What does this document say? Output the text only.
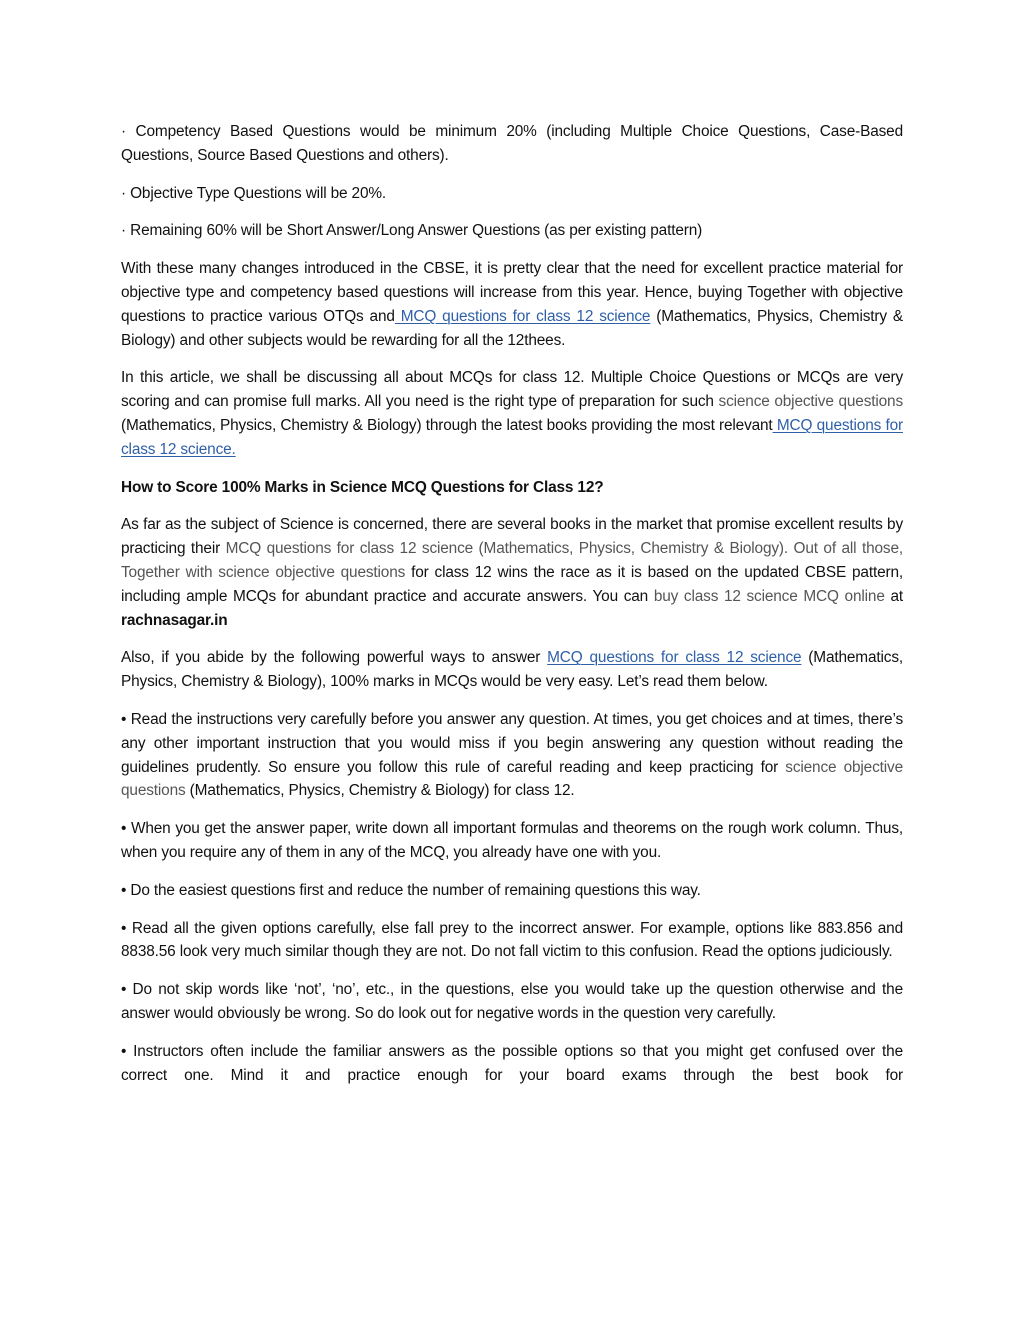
· Competency Based Questions would be minimum 20% (including Multiple Choice Questions, Case-Based Questions, Source Based Questions and others).

· Objective Type Questions will be 20%.

· Remaining 60% will be Short Answer/Long Answer Questions (as per existing pattern)

With these many changes introduced in the CBSE, it is pretty clear that the need for excellent practice material for objective type and competency based questions will increase from this year. Hence, buying Together with objective questions to practice various OTQs and MCQ questions for class 12 science (Mathematics, Physics, Chemistry & Biology) and other subjects would be rewarding for all the 12thees.

In this article, we shall be discussing all about MCQs for class 12. Multiple Choice Questions or MCQs are very scoring and can promise full marks. All you need is the right type of preparation for such science objective questions (Mathematics, Physics, Chemistry & Biology) through the latest books providing the most relevant MCQ questions for class 12 science.

How to Score 100% Marks in Science MCQ Questions for Class 12?

As far as the subject of Science is concerned, there are several books in the market that promise excellent results by practicing their MCQ questions for class 12 science (Mathematics, Physics, Chemistry & Biology). Out of all those, Together with science objective questions for class 12 wins the race as it is based on the updated CBSE pattern, including ample MCQs for abundant practice and accurate answers. You can buy class 12 science MCQ online at rachnasagar.in

Also, if you abide by the following powerful ways to answer MCQ questions for class 12 science (Mathematics, Physics, Chemistry & Biology), 100% marks in MCQs would be very easy. Let’s read them below.

• Read the instructions very carefully before you answer any question. At times, you get choices and at times, there’s any other important instruction that you would miss if you begin answering any question without reading the guidelines prudently. So ensure you follow this rule of careful reading and keep practicing for science objective questions (Mathematics, Physics, Chemistry & Biology) for class 12.

• When you get the answer paper, write down all important formulas and theorems on the rough work column. Thus, when you require any of them in any of the MCQ, you already have one with you.

• Do the easiest questions first and reduce the number of remaining questions this way.

• Read all the given options carefully, else fall prey to the incorrect answer. For example, options like 883.856 and 8838.56 look very much similar though they are not. Do not fall victim to this confusion. Read the options judiciously.

• Do not skip words like ‘not’, ‘no’, etc., in the questions, else you would take up the question otherwise and the answer would obviously be wrong. So do look out for negative words in the question very carefully.

• Instructors often include the familiar answers as the possible options so that you might get confused over the correct one. Mind it and practice enough for your board exams through the best book for
